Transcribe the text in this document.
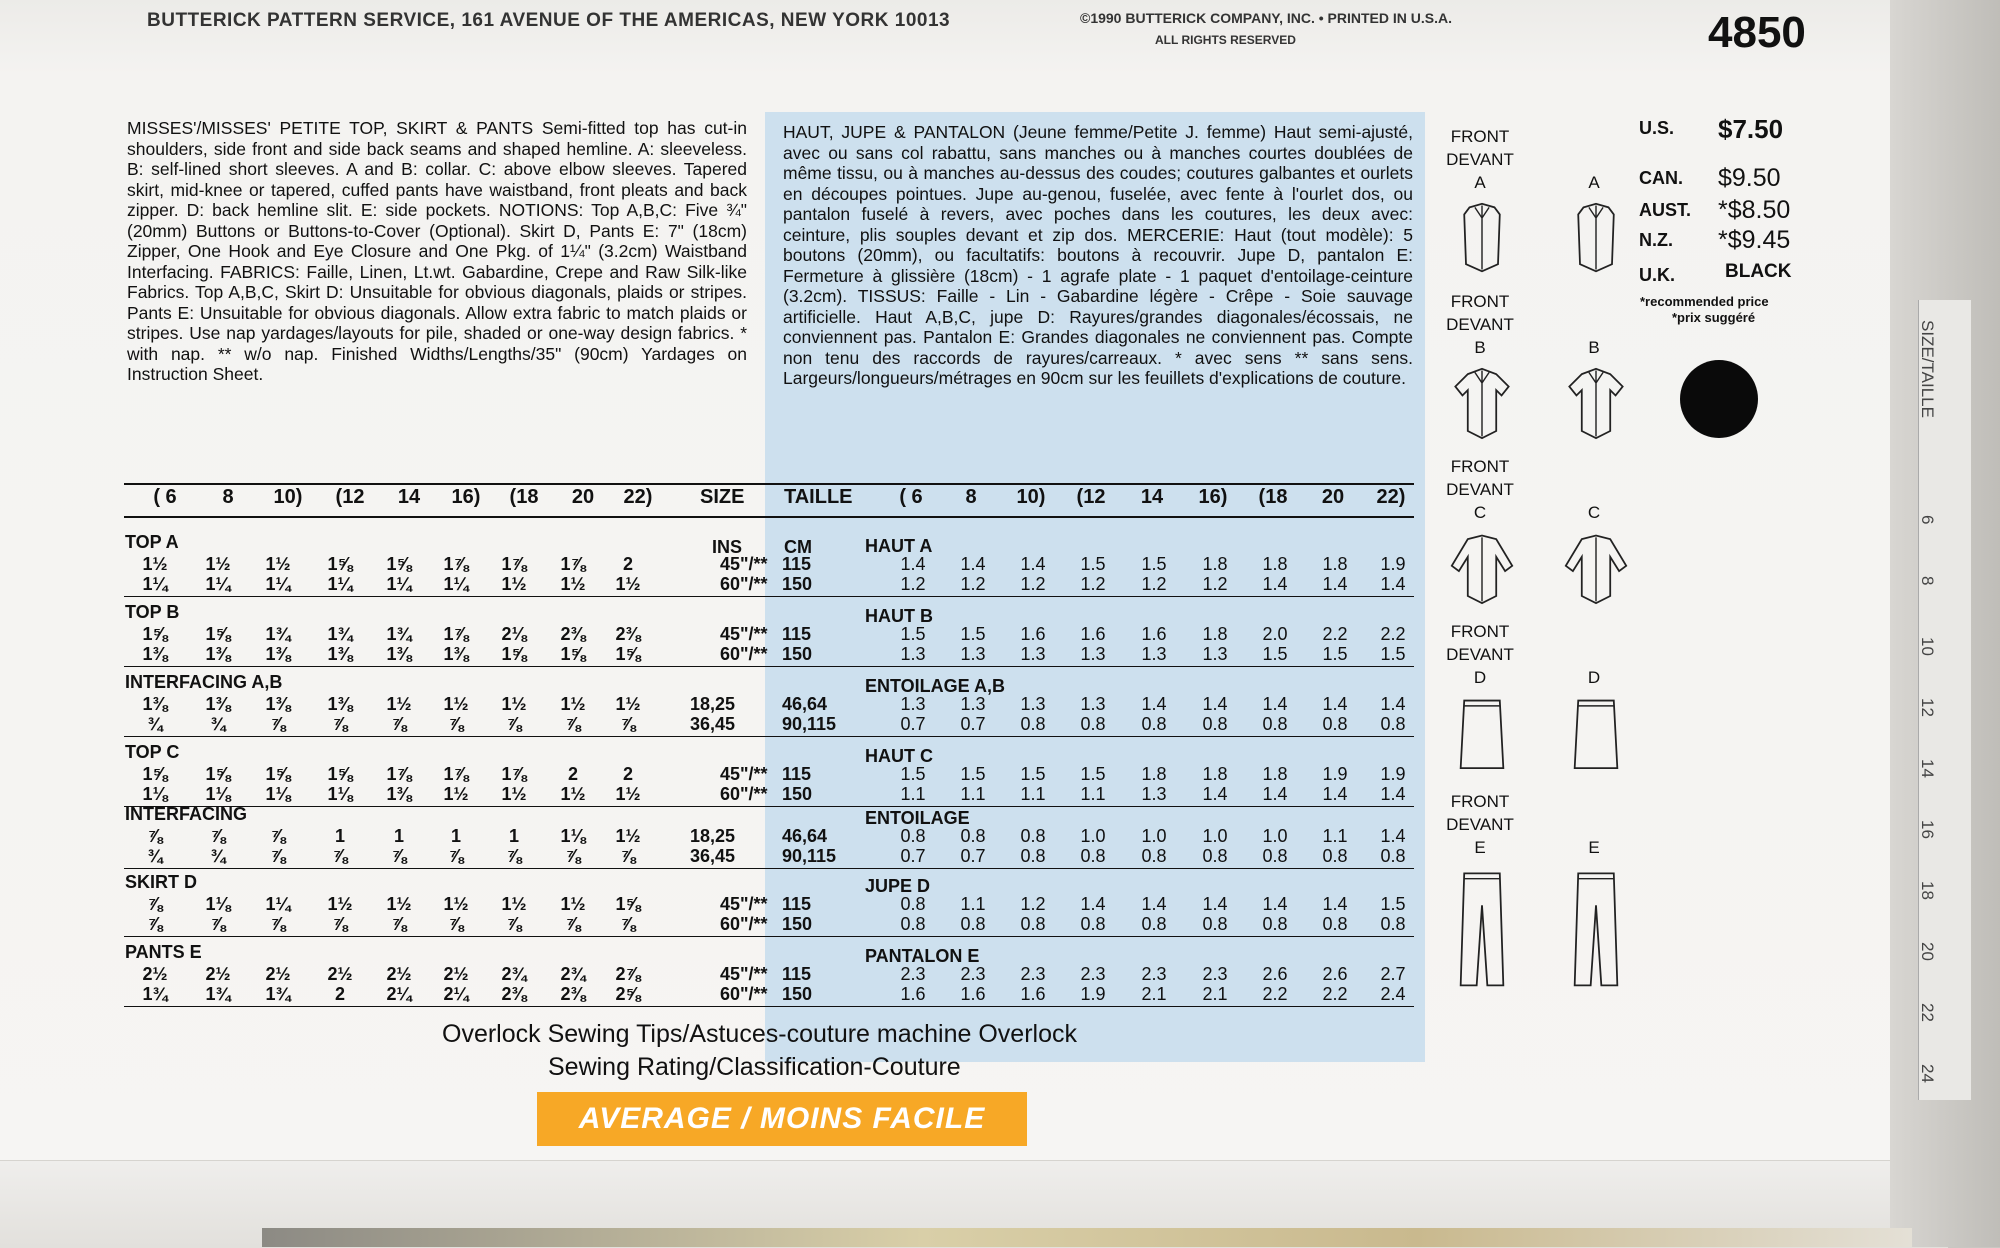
SIZE/TAILLE
6
8
10
12
14
16
18
20
22
24
BUTTERICK PATTERN SERVICE, 161 AVENUE OF THE AMERICAS, NEW YORK 10013	©1990 BUTTERICK COMPANY, INC. • PRINTED IN U.S.A.
ALL RIGHTS RESERVED	4850
MISSES'/MISSES' PETITE TOP, SKIRT & PANTS Semi-fitted top has cut-in shoulders, side front and side back seams and shaped hemline. A: sleeveless. B: self-lined short sleeves. A and B: collar. C: above elbow sleeves. Tapered skirt, mid-knee or tapered, cuffed pants have waistband, front pleats and back zipper. D: back hemline slit. E: side pockets. NOTIONS: Top A,B,C: Five ¾" (20mm) Buttons or Buttons-to-Cover (Optional). Skirt D, Pants E: 7" (18cm) Zipper, One Hook and Eye Closure and One Pkg. of 1¼" (3.2cm) Waistband Interfacing. FABRICS: Faille, Linen, Lt.wt. Gabardine, Crepe and Raw Silk-like Fabrics. Top A,B,C, Skirt D: Unsuitable for obvious diagonals, plaids or stripes. Pants E: Unsuitable for obvious diagonals. Allow extra fabric to match plaids or stripes. Use nap yardages/layouts for pile, shaded or one-way design fabrics. * with nap. ** w/o nap. Finished Widths/Lengths/35" (90cm) Yardages on Instruction Sheet.
HAUT, JUPE & PANTALON (Jeune femme/Petite J. femme) Haut semi-ajusté, avec ou sans col rabattu, sans manches ou à manches courtes doublées de même tissu, ou à manches au-dessus des coudes; coutures galbantes et ourlets en découpes pointues. Jupe au-genou, fuselée, avec fente à l'ourlet dos, ou pantalon fuselé à revers, avec poches dans les coutures, les deux avec: ceinture, plis souples devant et zip dos. MERCERIE: Haut (tout modèle): 5 boutons (20mm), ou facultatifs: boutons à recouvrir. Jupe D, pantalon E: Fermeture à glissière (18cm) - 1 agrafe plate - 1 paquet d'entoilage-ceinture (3.2cm). TISSUS: Faille - Lin - Gabardine légère - Crêpe - Soie sauvage artificielle. Haut A,B,C, jupe D: Rayures/grandes diagonales/écossais, ne conviennent pas. Pantalon E: Grandes diagonales ne conviennent pas. Compte non tenu des raccords de rayures/carreaux. * avec sens ** sans sens. Largeurs/longueurs/métrages en 90cm sur les feuillets d'explications de couture.
( 6	8	10)	(12	14	16)	(18	20	22)	SIZE TAILLE	( 6	8	10)	(12	14	16)	(18	20	22)
INS CM
TOP A	HAUT A
1½	1½	1½	1⅝	1⅝	1⅞	1⅞	1⅞	2	45"/** 115	1.4	1.4	1.4	1.5	1.5	1.8	1.8	1.8	1.9
1¼	1¼	1¼	1¼	1¼	1¼	1½	1½	1½	60"/** 150	1.2	1.2	1.2	1.2	1.2	1.2	1.4	1.4	1.4
TOP B	HAUT B
1⅝	1⅝	1¾	1¾	1¾	1⅞	2⅛	2⅜	2⅜	45"/** 115	1.5	1.5	1.6	1.6	1.6	1.8	2.0	2.2	2.2
1⅜	1⅜	1⅜	1⅜	1⅜	1⅜	1⅝	1⅝	1⅝	60"/** 150	1.3	1.3	1.3	1.3	1.3	1.3	1.5	1.5	1.5
INTERFACING A,B	ENTOILAGE A,B
1⅜	1⅜	1⅜	1⅜	1½	1½	1½	1½	1½	18,25	46,64	1.3	1.3	1.3	1.3	1.4	1.4	1.4	1.4	1.4
¾	¾	⅞	⅞	⅞	⅞	⅞	⅞	⅞	36,45	90,115	0.7	0.7	0.8	0.8	0.8	0.8	0.8	0.8	0.8
TOP C	HAUT C
1⅝	1⅝	1⅝	1⅝	1⅞	1⅞	1⅞	2	2	45"/** 115	1.5	1.5	1.5	1.5	1.8	1.8	1.8	1.9	1.9
1⅛	1⅛	1⅛	1⅛	1⅜	1½	1½	1½	1½	60"/** 150	1.1	1.1	1.1	1.1	1.3	1.4	1.4	1.4	1.4
INTERFACING	ENTOILAGE
⅞	⅞	⅞	1	1	1	1	1⅛	1½	18,25	46,64	0.8	0.8	0.8	1.0	1.0	1.0	1.0	1.1	1.4
¾	¾	⅞	⅞	⅞	⅞	⅞	⅞	⅞	36,45	90,115	0.7	0.7	0.8	0.8	0.8	0.8	0.8	0.8	0.8
SKIRT D	JUPE D
⅞	1⅛	1¼	1½	1½	1½	1½	1½	1⅝	45"/** 115	0.8	1.1	1.2	1.4	1.4	1.4	1.4	1.4	1.5
⅞	⅞	⅞	⅞	⅞	⅞	⅞	⅞	⅞	60"/** 150	0.8	0.8	0.8	0.8	0.8	0.8	0.8	0.8	0.8
PANTS E	PANTALON E
2½	2½	2½	2½	2½	2½	2¾	2¾	2⅞	45"/** 115	2.3	2.3	2.3	2.3	2.3	2.3	2.6	2.6	2.7
1¾	1¾	1¾	2	2¼	2¼	2⅜	2⅜	2⅝	60"/** 150	1.6	1.6	1.6	1.9	2.1	2.1	2.2	2.2	2.4
U.S. $7.50
CAN. $9.50
AUST. *$8.50
N.Z. *$9.45
U.K.	BLACK
*recommended price
*prix suggéré
FRONT
DEVANT
A	A
FRONT
DEVANT
B	B
FRONT
DEVANT
C	C
FRONT
DEVANT
D	D
FRONT
DEVANT
E	E
Overlock Sewing Tips/Astuces-couture machine Overlock
Sewing Rating/Classification-Couture
AVERAGE / MOINS FACILE
